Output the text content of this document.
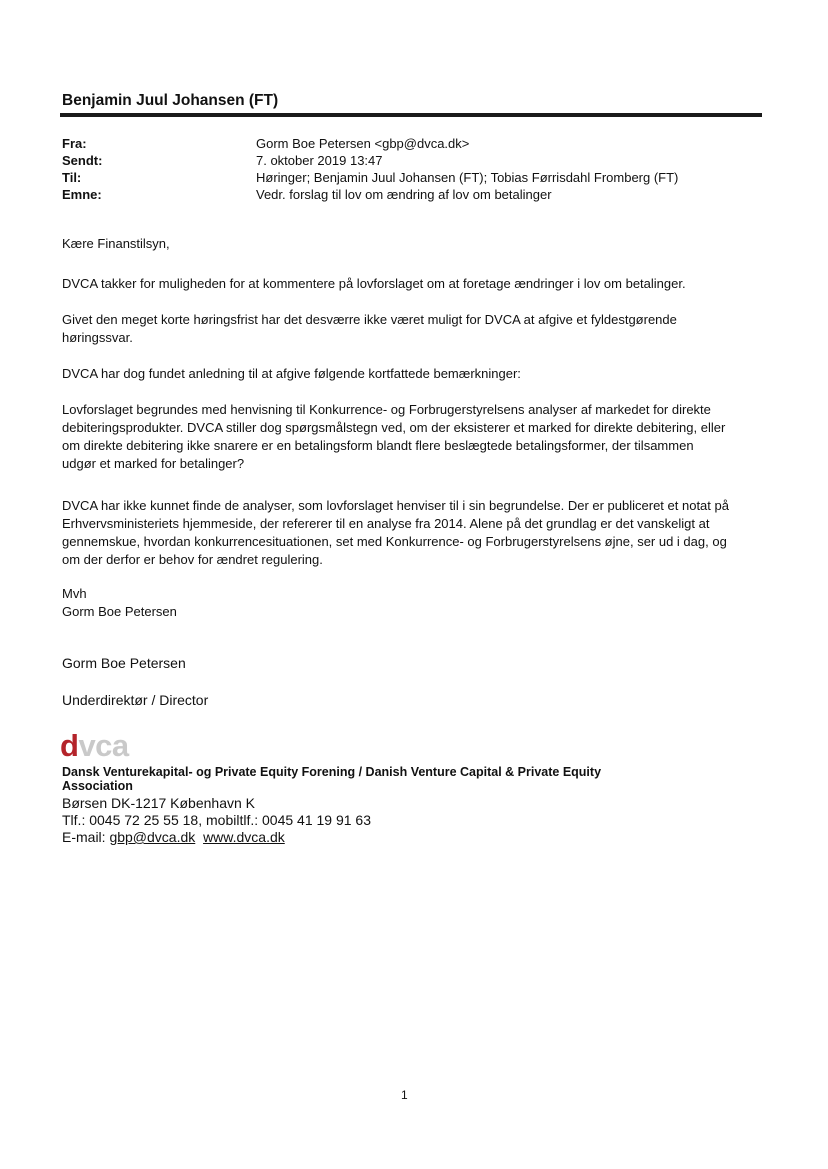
Benjamin Juul Johansen (FT)
Fra:	Gorm Boe Petersen <gbp@dvca.dk>
Sendt:	7. oktober 2019 13:47
Til:	Høringer; Benjamin Juul Johansen (FT); Tobias Førrisdahl Fromberg (FT)
Emne:	Vedr. forslag til lov om ændring af lov om betalinger
Kære Finanstilsyn,
DVCA takker for muligheden for at kommentere på lovforslaget om at foretage ændringer i lov om betalinger.
Givet den meget korte høringsfrist har det desværre ikke været muligt for DVCA at afgive et fyldestgørende
høringssvar.
DVCA har dog fundet anledning til at afgive følgende kortfattede bemærkninger:
Lovforslaget begrundes med henvisning til Konkurrence- og Forbrugerstyrelsens analyser af markedet for direkte
debiteringsprodukter. DVCA stiller dog spørgsmålstegn ved, om der eksisterer et marked for direkte debitering, eller
om direkte debitering ikke snarere er en betalingsform blandt flere beslægtede betalingsformer, der tilsammen
udgør et marked for betalinger?
DVCA har ikke kunnet finde de analyser, som lovforslaget henviser til i sin begrundelse. Der er publiceret et notat på
Erhvervsministeriets hjemmeside, der refererer til en analyse fra 2014. Alene på det grundlag er det vanskeligt at
gennemskue, hvordan konkurrencesituationen, set med Konkurrence- og Forbrugerstyrelsens øjne, ser ud i dag, og
om der derfor er behov for ændret regulering.
Mvh
Gorm Boe Petersen
Gorm Boe Petersen
Underdirektør / Director
dvca
Dansk Venturekapital- og Private Equity Forening / Danish Venture Capital & Private Equity
Association
Børsen DK-1217 København K
Tlf.: 0045 72 25 55 18, mobiltlf.: 0045 41 19 91 63
E-mail: gbp@dvca.dk www.dvca.dk
1
